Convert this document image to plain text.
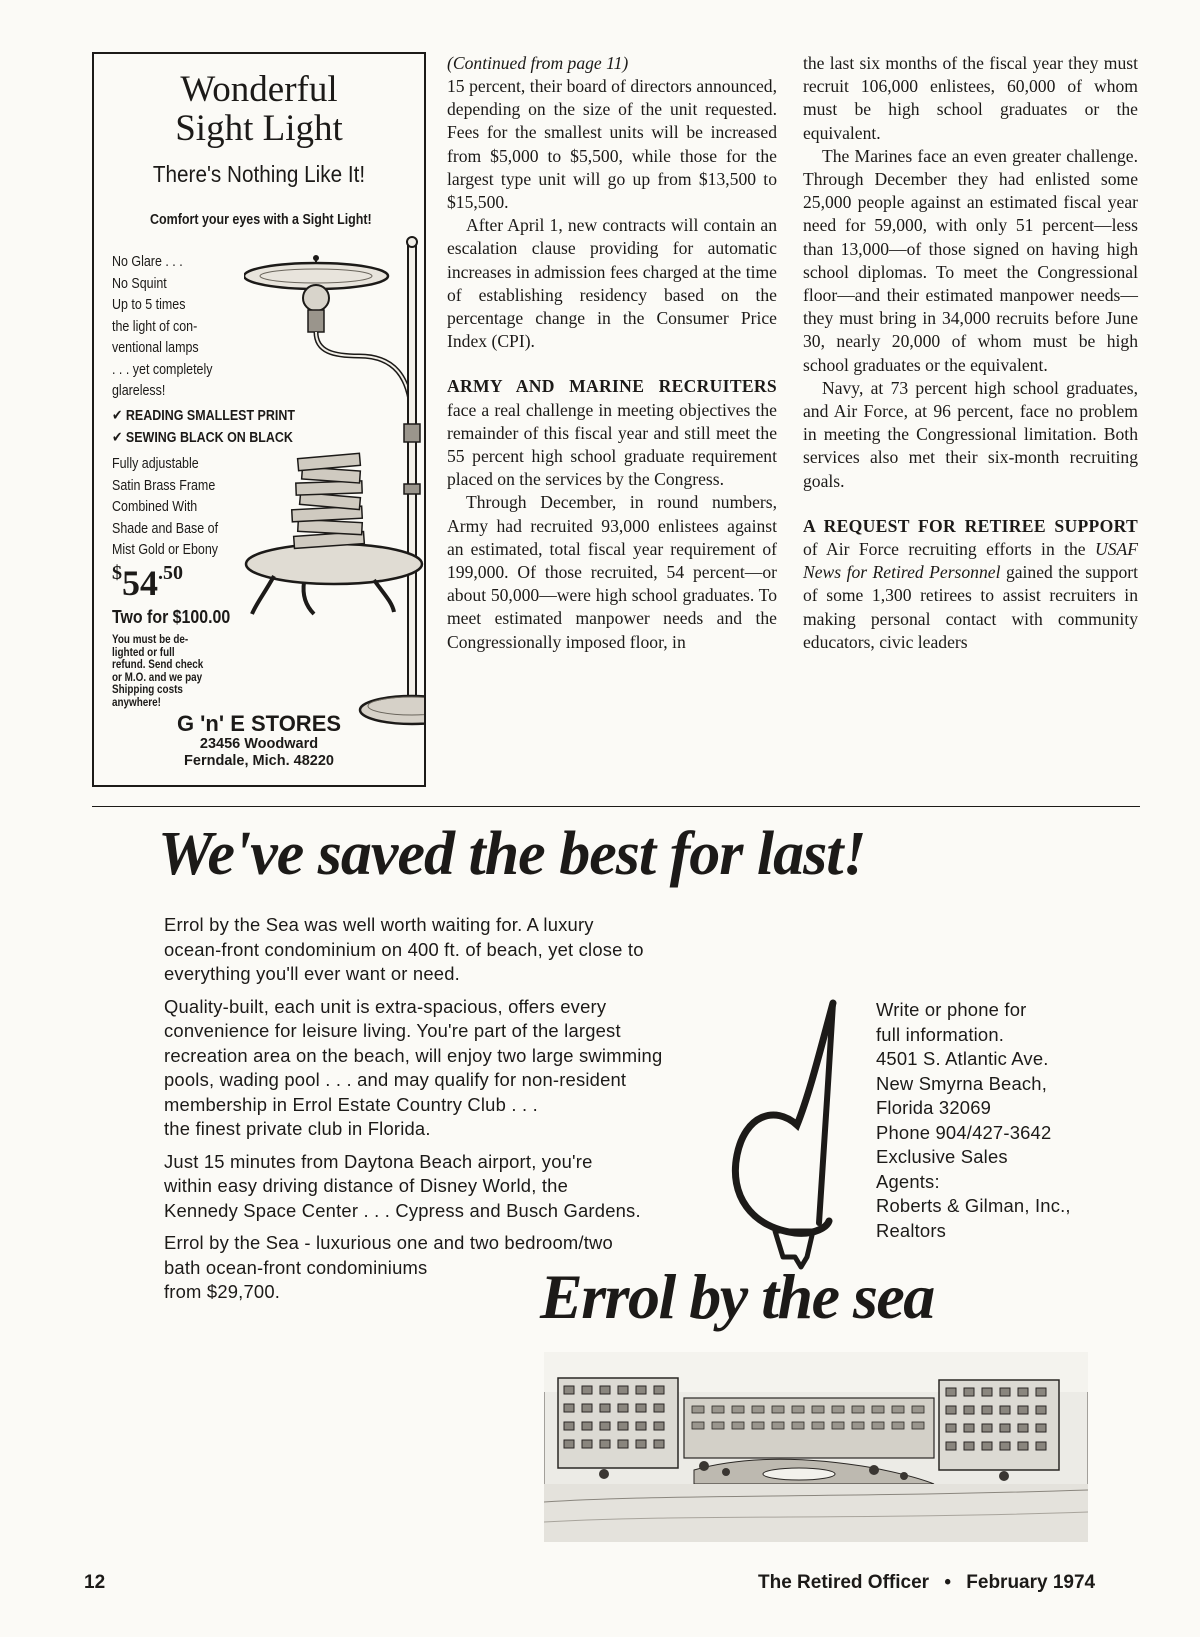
Wonderful
Sight Light
There's Nothing Like It!
Comfort your eyes with a Sight Light!
No Glare . . .
No Squint
Up to 5 times
the light of con-
ventional lamps
. . . yet completely
glareless!
✔ READING SMALLEST PRINT
✔ SEWING BLACK ON BLACK
Fully adjustable
Satin Brass Frame
Combined With
Shade and Base of
Mist Gold or Ebony
$54.50
Two for $100.00
You must be de-
lighted or full
refund. Send check
or M.O. and we pay
Shipping costs
anywhere!
G 'n' E STORES
23456 Woodward
Ferndale, Mich. 48220

(Continued from page 11)

15 percent, their board of directors announced, depending on the size of the unit requested. Fees for the smallest units will be increased from $5,000 to $5,500, while those for the largest type unit will go up from $13,500 to $15,500.

After April 1, new contracts will contain an escalation clause providing for automatic increases in admission fees charged at the time of establishing residency based on the percentage change in the Consumer Price Index (CPI).

ARMY AND MARINE RECRUITERS face a real challenge in meeting objectives the remainder of this fiscal year and still meet the 55 percent high school graduate requirement placed on the services by the Congress.

Through December, in round numbers, Army had recruited 93,000 enlistees against an estimated, total fiscal year requirement of 199,000. Of those recruited, 54 percent—or about 50,000—were high school graduates. To meet estimated manpower needs and the Congressionally imposed floor, in

the last six months of the fiscal year they must recruit 106,000 enlistees, 60,000 of whom must be high school graduates or the equivalent.

The Marines face an even greater challenge. Through December they had enlisted some 25,000 people against an estimated fiscal year need for 59,000, with only 51 percent—less than 13,000—of those signed on having high school diplomas. To meet the Congressional floor—and their estimated manpower needs—they must bring in 34,000 recruits before June 30, nearly 20,000 of whom must be high school graduates or the equivalent.

Navy, at 73 percent high school graduates, and Air Force, at 96 percent, face no problem in meeting the Congressional limitation. Both services also met their six-month recruiting goals.

A REQUEST FOR RETIREE SUPPORT of Air Force recruiting efforts in the USAF News for Retired Personnel gained the support of some 1,300 retirees to assist recruiters in making personal contact with community educators, civic leaders

We've saved the best for last!

Errol by the Sea was well worth waiting for. A luxury

ocean-front condominium on 400 ft. of beach, yet close to

everything you'll ever want or need.

Quality-built, each unit is extra-spacious, offers every

convenience for leisure living. You're part of the largest

recreation area on the beach, will enjoy two large swimming

pools, wading pool . . . and may qualify for non-resident

membership in Errol Estate Country Club . . .

the finest private club in Florida.

Just 15 minutes from Daytona Beach airport, you're

within easy driving distance of Disney World, the

Kennedy Space Center . . . Cypress and Busch Gardens.

Errol by the Sea - luxurious one and two bedroom/two

bath ocean-front condominiums

from $29,700.

Write or phone for

full information.

4501 S. Atlantic Ave.

New Smyrna Beach,

Florida 32069

Phone 904/427-3642

Exclusive Sales

Agents:

Roberts & Gilman, Inc.,

Realtors

Errol by the sea
12	The Retired Officer • February 1974
